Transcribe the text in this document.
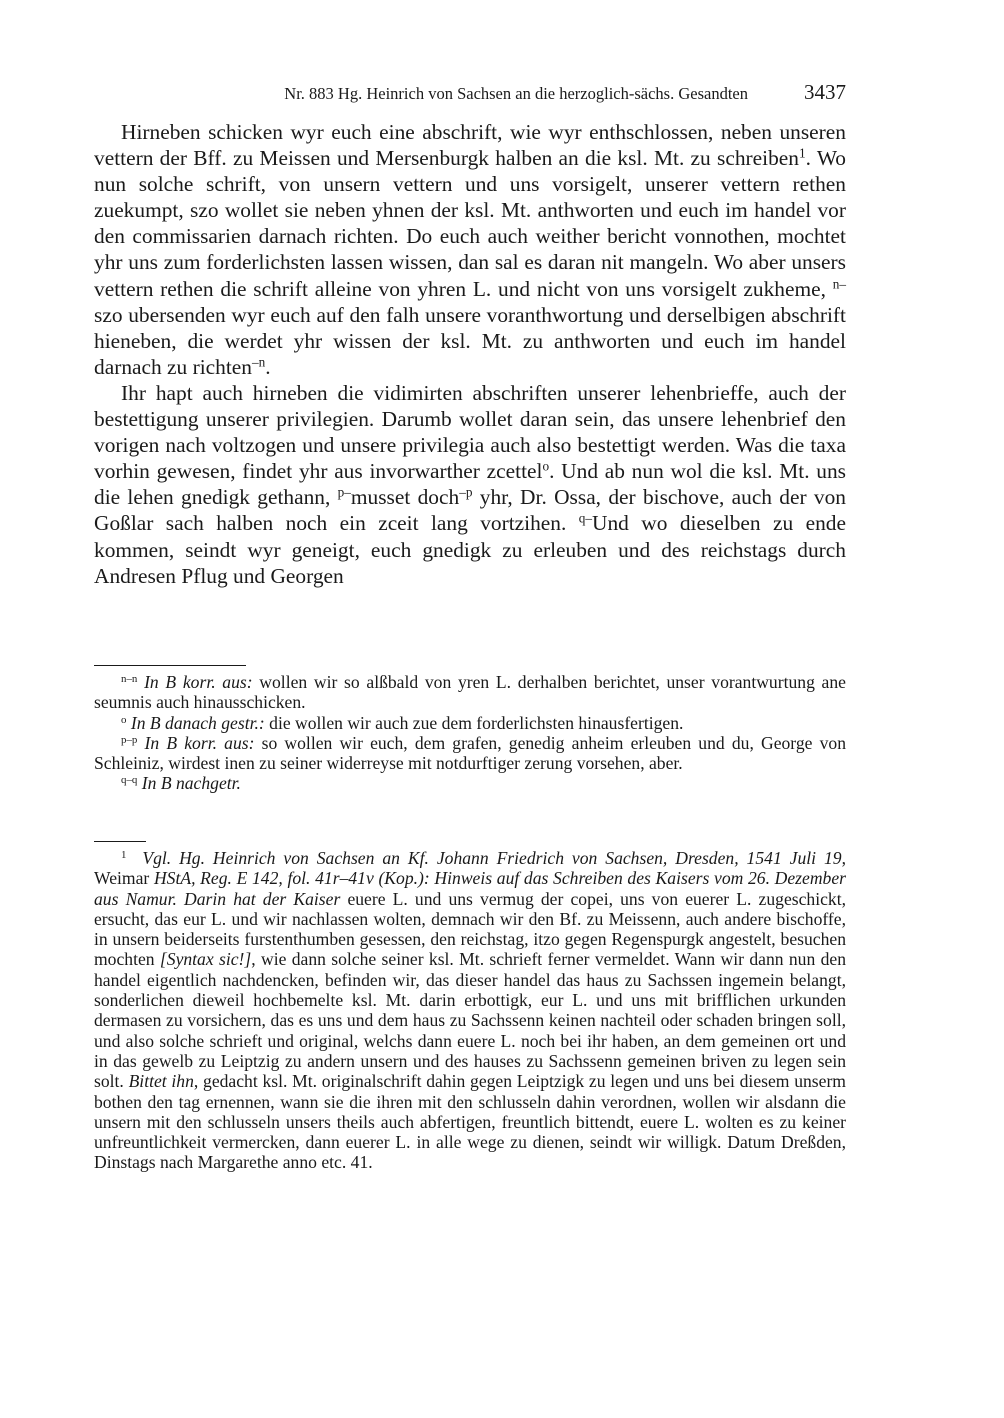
Nr. 883 Hg. Heinrich von Sachsen an die herzoglich-sächs. Gesandten	3437

Hirneben schicken wyr euch eine abschrift, wie wyr enthschlossen, neben unseren vettern der Bff. zu Meissen und Mersenburgk halben an die ksl. Mt. zu schreiben$^1$. Wo nun solche schrift, von unsern vettern und uns vorsigelt, unserer vettern rethen zuekumpt, szo wollet sie neben yhnen der ksl. Mt. anthworten und euch im handel vor den commissarien darnach richten. Do euch auch weither bericht vonnothen, mochtet yhr uns zum forderlichsten lassen wissen, dan sal es daran nit mangeln. Wo aber unsers vettern rethen die schrift alleine von yhren L. und nicht von uns vorsigelt zukheme, $^{n-}$szo ubersenden wyr euch auf den falh unsere voranthwortung und derselbigen abschrift hieneben, die werdet yhr wissen der ksl. Mt. zu anthworten und euch im handel darnach zu richten$^{-n}$.

Ihr hapt auch hirneben die vidimirten abschriften unserer lehenbrieffe, auch der bestettigung unserer privilegien. Darumb wollet daran sein, das unsere lehenbrief den vorigen nach voltzogen und unsere privilegia auch also bestettigt werden. Was die taxa vorhin gewesen, findet yhr aus invorwarther zcettel$^o$. Und ab nun wol die ksl. Mt. uns die lehen gnedigk gethann, $^{p-}$musset doch$^{-p}$ yhr, Dr. Ossa, der bischove, auch der von Goßlar sach halben noch ein zceit lang vortzihen. $^{q-}$Und wo dieselben zu ende kommen, seindt wyr geneigt, euch gnedigk zu erleuben und des reichstags durch Andresen Pflug und Georgen

$^{n-n}$ In B korr. aus: wollen wir so alßbald von yren L. derhalben berichtet, unser vorantwurtung ane seumnis auch hinausschicken.

$^o$ In B danach gestr.: die wollen wir auch zue dem forderlichsten hinausfertigen.

$^{p-p}$ In B korr. aus: so wollen wir euch, dem grafen, genedig anheim erleuben und du, George von Schleiniz, wirdest inen zu seiner widerreyse mit notdurftiger zerung vorsehen, aber.

$^{q-q}$ In B nachgetr.

$^1$ Vgl. Hg. Heinrich von Sachsen an Kf. Johann Friedrich von Sachsen, Dresden, 1541 Juli 19, Weimar HStA, Reg. E 142, fol. 41r–41v (Kop.): Hinweis auf das Schreiben des Kaisers vom 26. Dezember aus Namur. Darin hat der Kaiser euere L. und uns vermug der copei, uns von euerer L. zugeschickt, ersucht, das eur L. und wir nachlassen wolten, demnach wir den Bf. zu Meissenn, auch andere bischoffe, in unsern beiderseits furstenthumben gesessen, den reichstag, itzo gegen Regenspurgk angestelt, besuchen mochten [Syntax sic!], wie dann solche seiner ksl. Mt. schrieft ferner vermeldet. Wann wir dann nun den handel eigentlich nachdencken, befinden wir, das dieser handel das haus zu Sachssen ingemein belangt, sonderlichen dieweil hochbemelte ksl. Mt. darin erbottigk, eur L. und uns mit brifflichen urkunden dermasen zu vorsichern, das es uns und dem haus zu Sachssenn keinen nachteil oder schaden bringen soll, und also solche schrieft und original, welchs dann euere L. noch bei ihr haben, an dem gemeinen ort und in das gewelb zu Leiptzig zu andern unsern und des hauses zu Sachssenn gemeinen briven zu legen sein solt. Bittet ihn, gedacht ksl. Mt. originalschrift dahin gegen Leiptzigk zu legen und uns bei diesem unserm bothen den tag ernennen, wann sie die ihren mit den schlusseln dahin verordnen, wollen wir alsdann die unsern mit den schlusseln unsers theils auch abfertigen, freuntlich bittendt, euere L. wolten es zu keiner unfreuntlichkeit vermercken, dann euerer L. in alle wege zu dienen, seindt wir willigk. Datum Dreßden, Dinstags nach Margarethe anno etc. 41.
